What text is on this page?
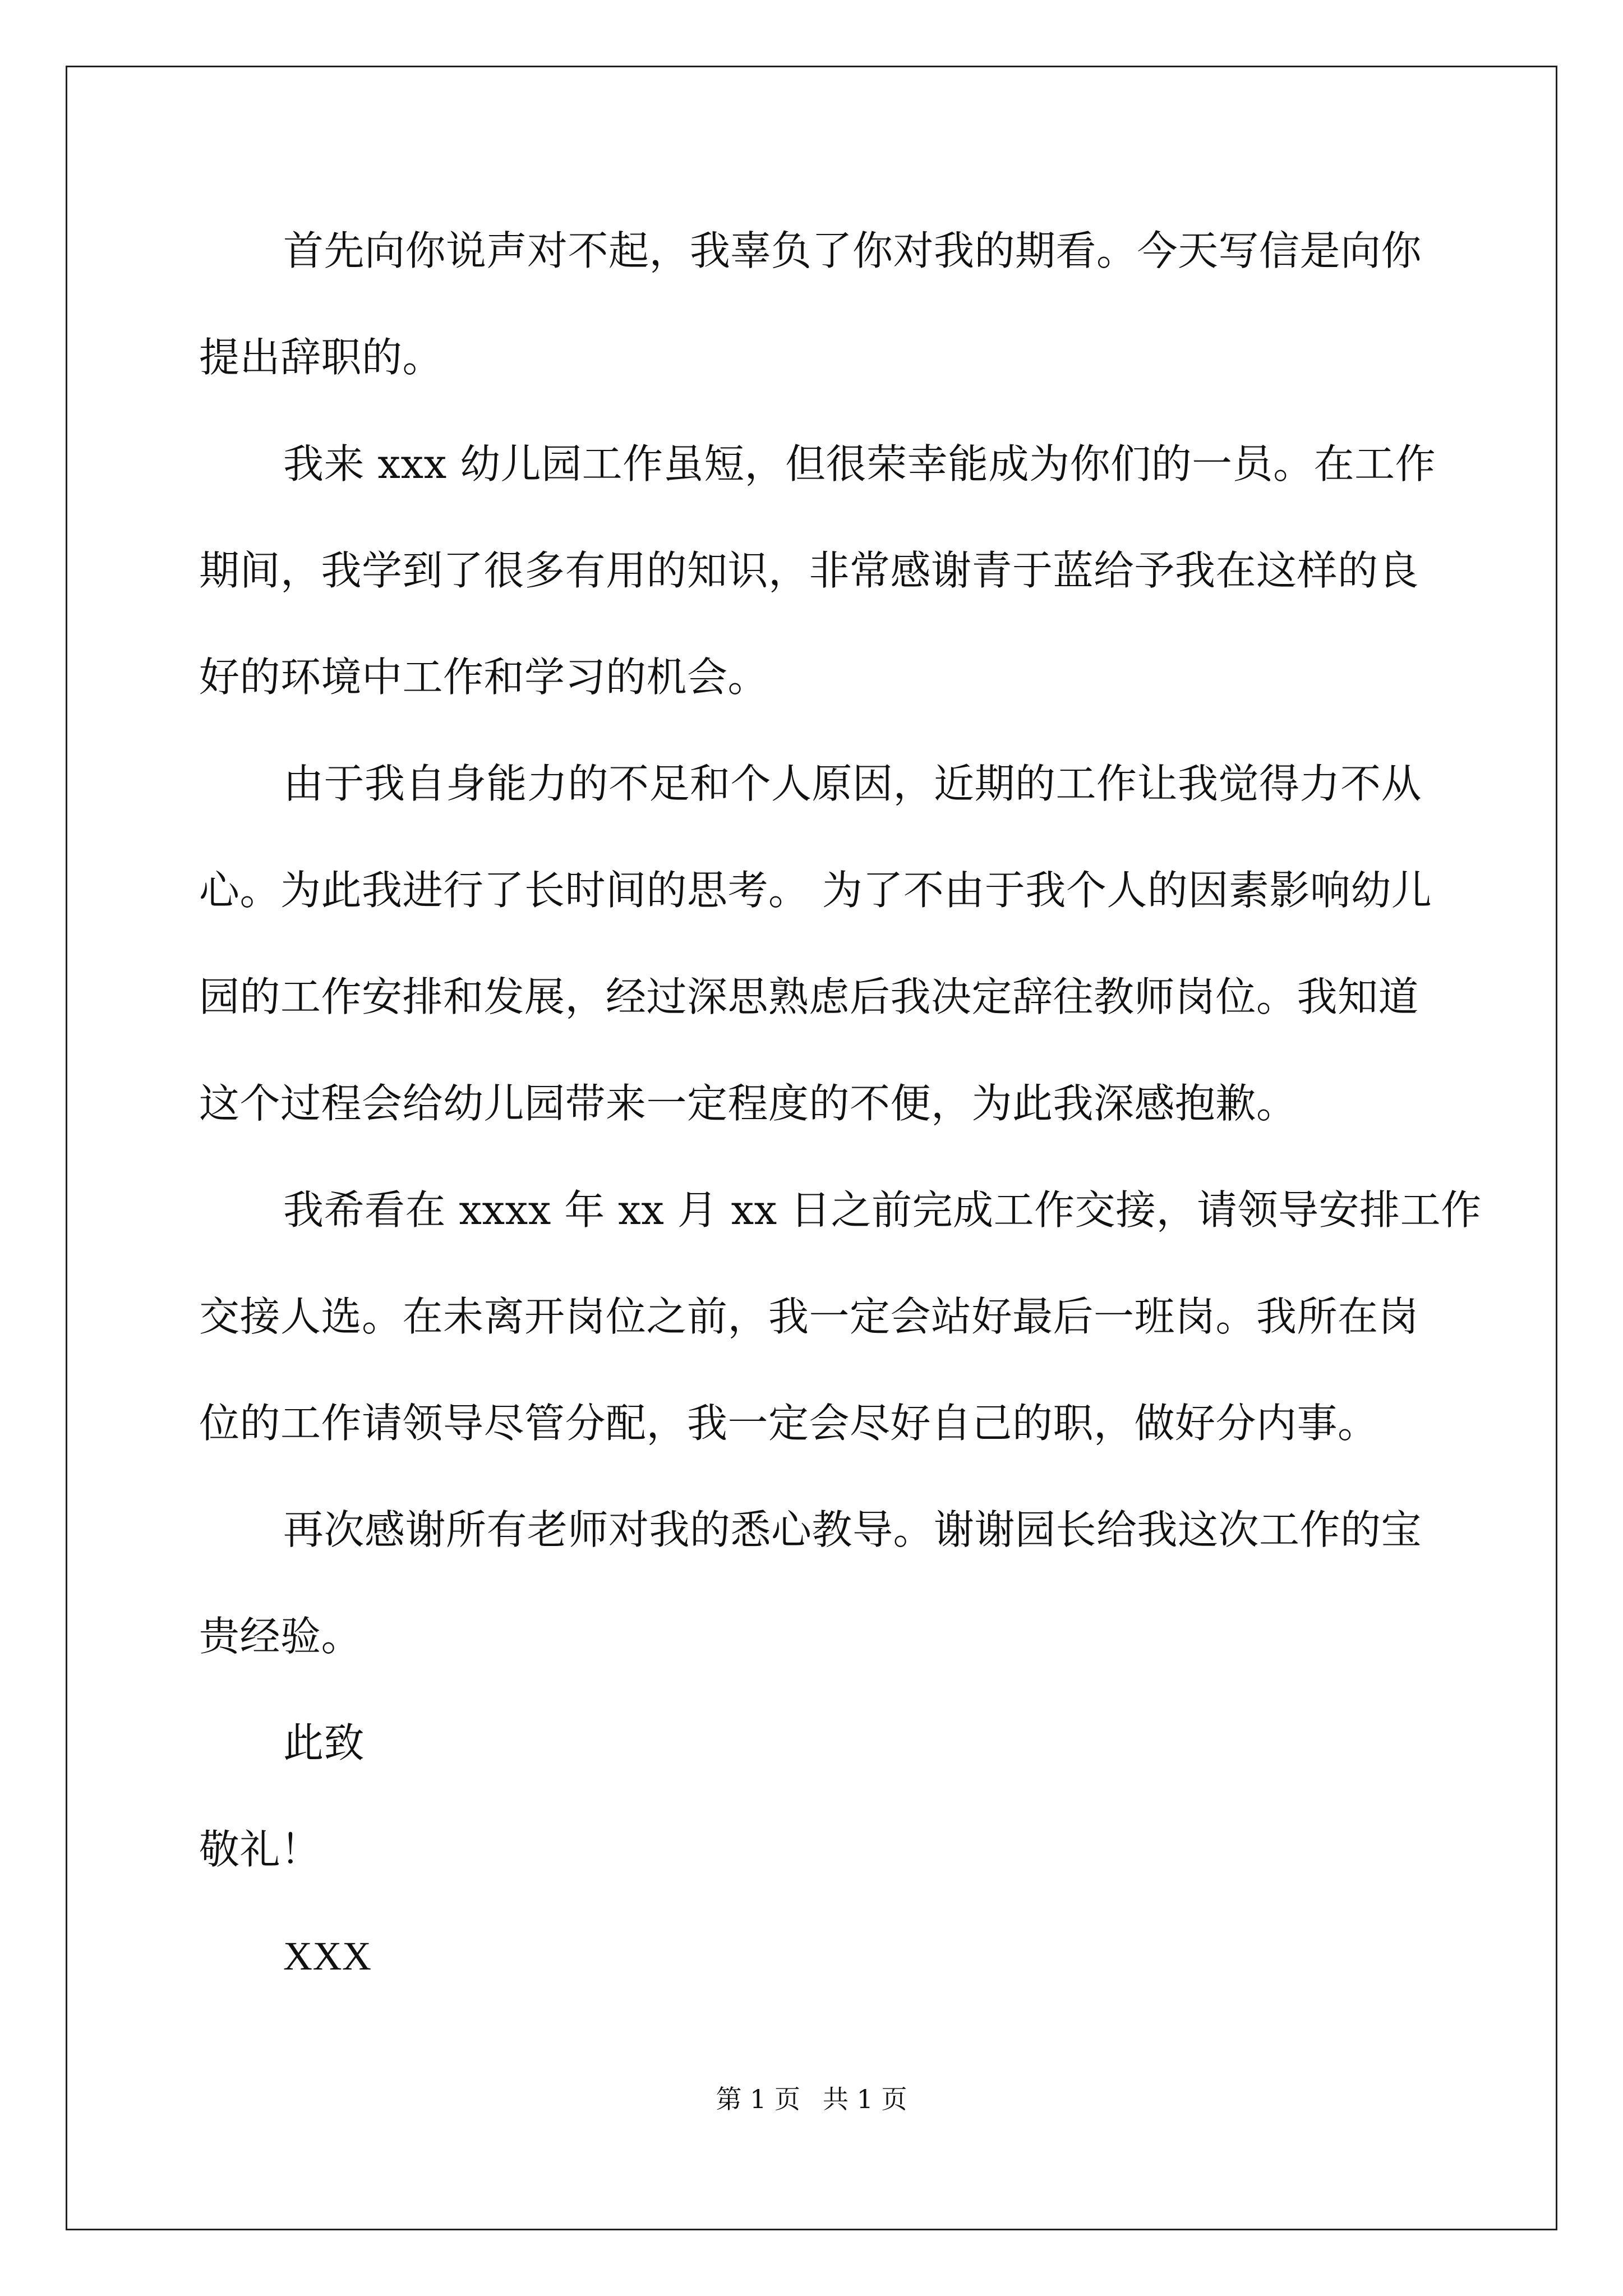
首先向你说声对不起，我辜负了你对我的期看。今天写信是向你
提出辞职的。
我来 xxx 幼儿园工作虽短，但很荣幸能成为你们的一员。在工作
期间，我学到了很多有用的知识，非常感谢青于蓝给予我在这样的良
好的环境中工作和学习的机会。
由于我自身能力的不足和个人原因，近期的工作让我觉得力不从
心。为此我进行了长时间的思考。 为了不由于我个人的因素影响幼儿
园的工作安排和发展，经过深思熟虑后我决定辞往教师岗位。我知道
这个过程会给幼儿园带来一定程度的不便，为此我深感抱歉。
我希看在 xxxx 年 xx 月 xx 日之前完成工作交接，请领导安排工作
交接人选。在未离开岗位之前，我一定会站好最后一班岗。我所在岗
位的工作请领导尽管分配，我一定会尽好自己的职，做好分内事。
再次感谢所有老师对我的悉心教导。谢谢园长给我这次工作的宝
贵经验。
此致
敬礼！
XXX
第 1 页 共 1 页
